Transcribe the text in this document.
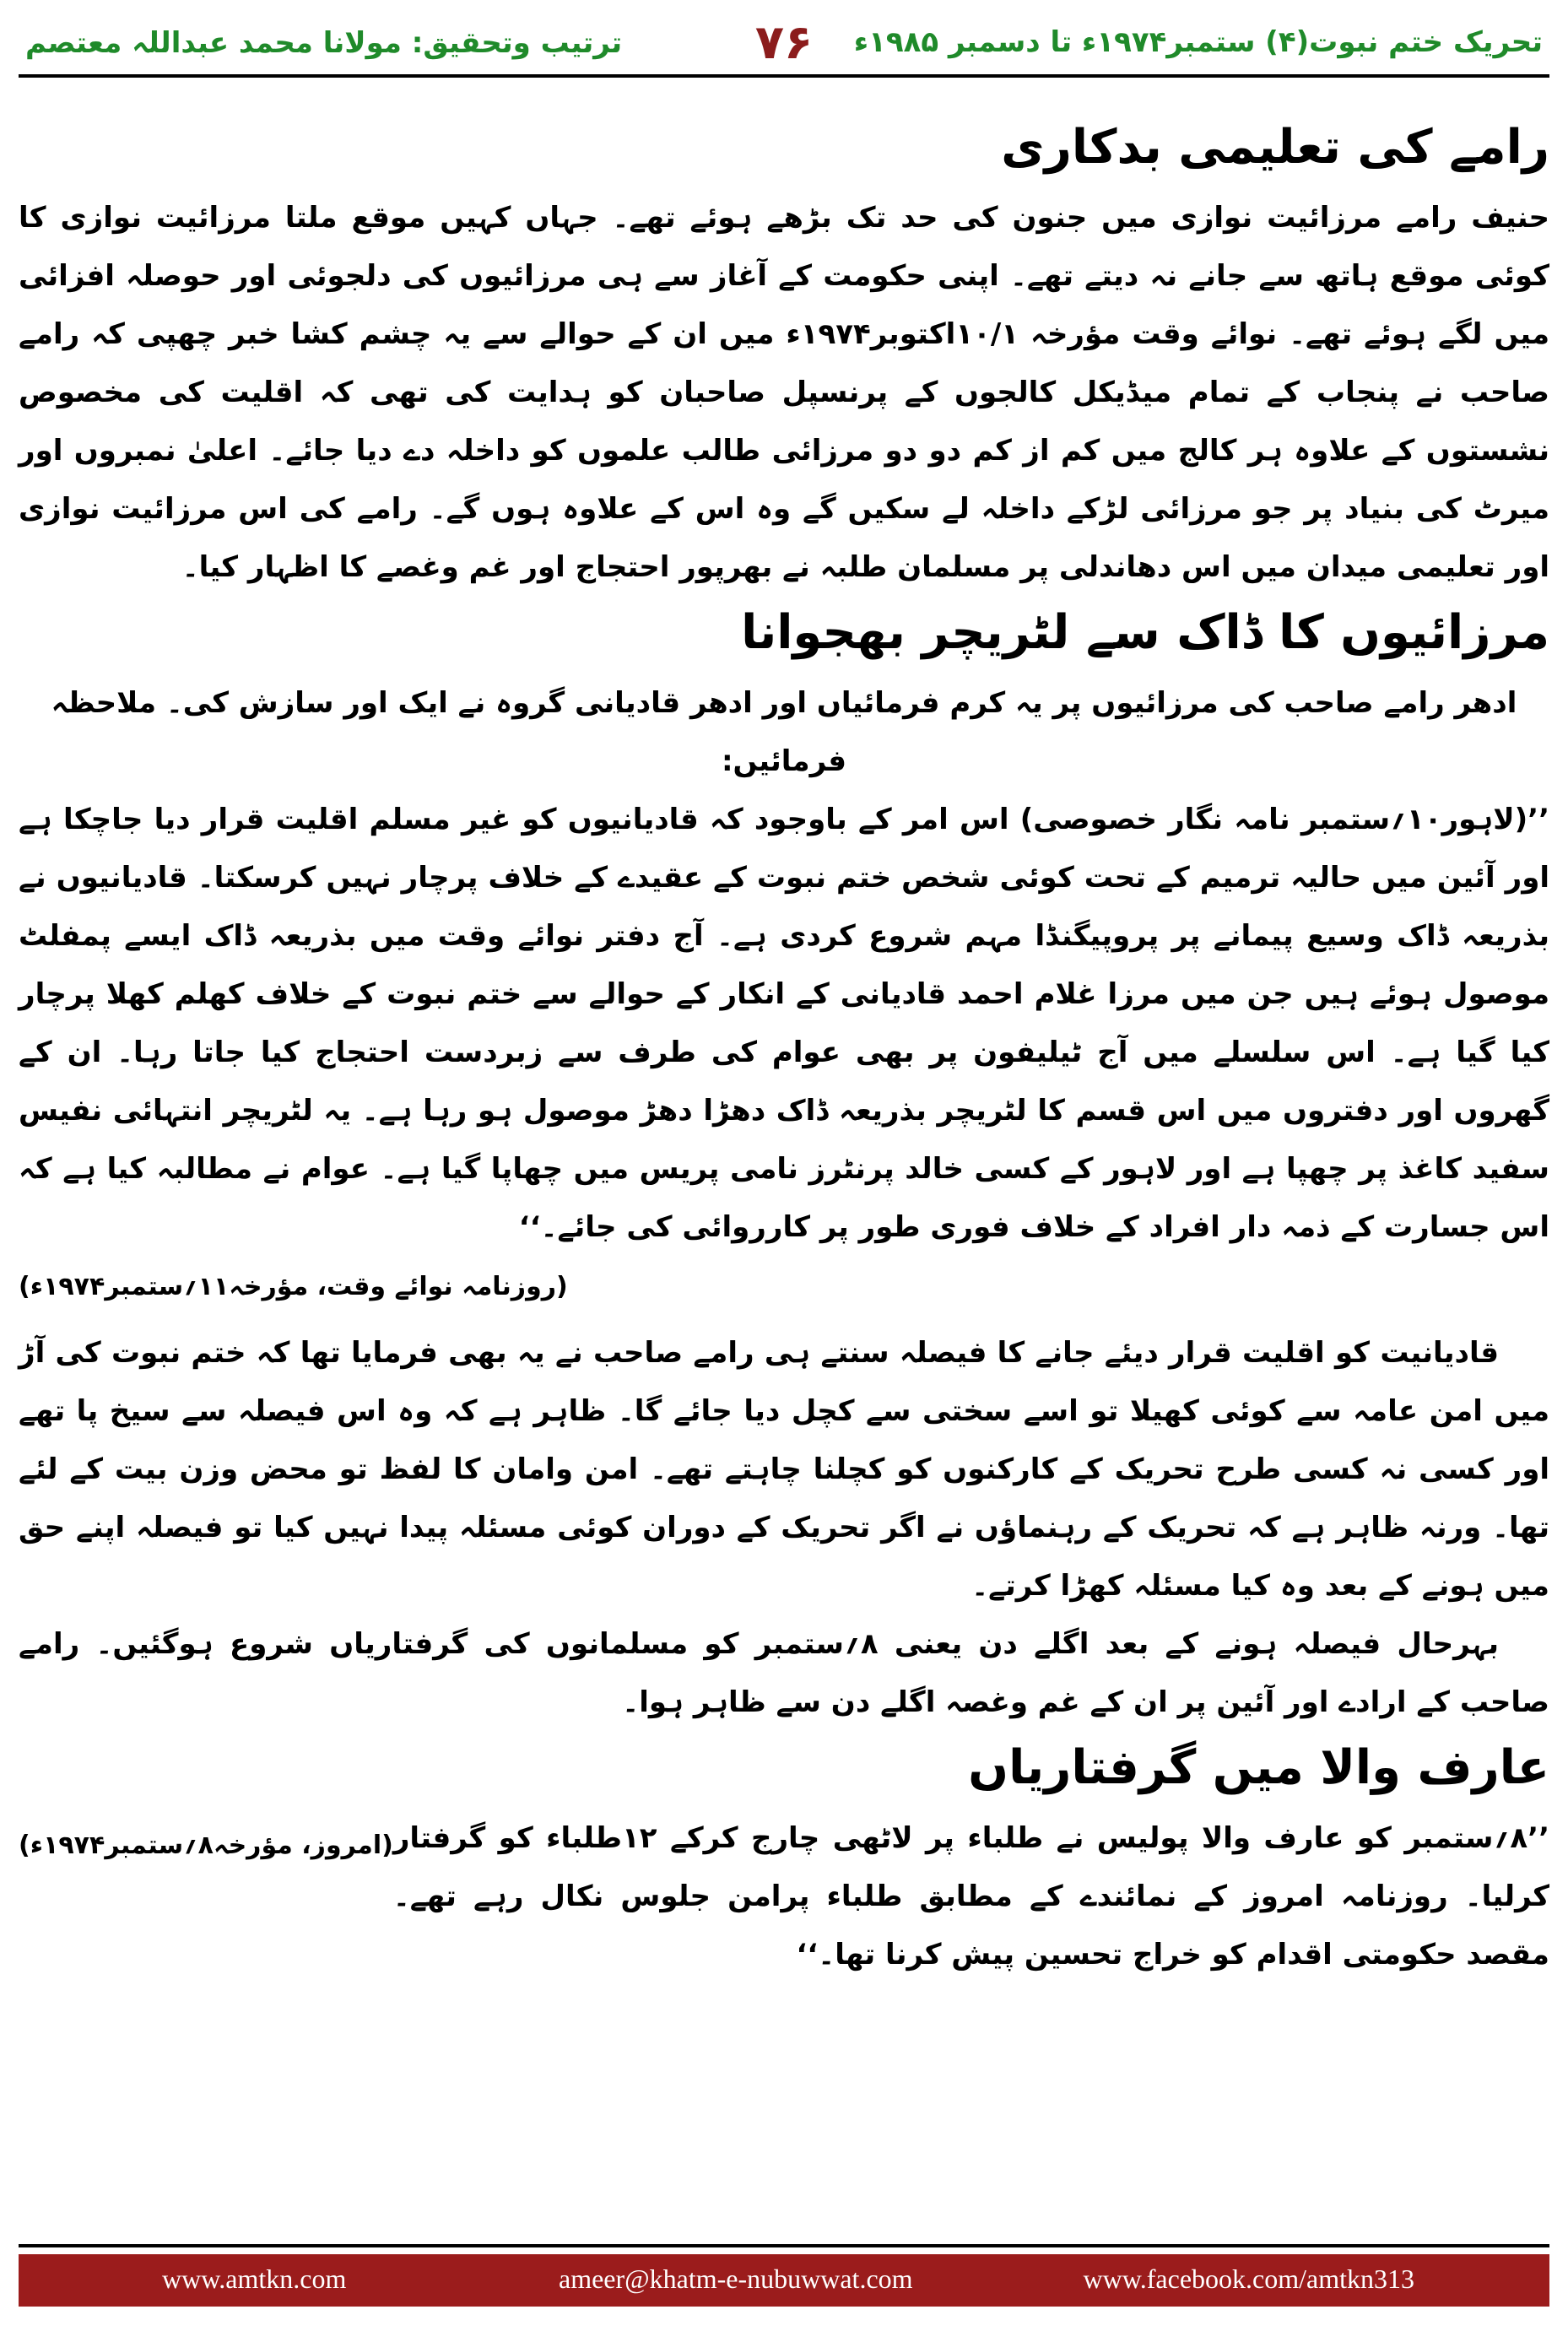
تحریک ختم نبوت(۴) ستمبر۱۹۷۴ء تا دسمبر ۱۹۸۵ء
۷۶
ترتیب وتحقیق: مولانا محمد عبداللہ معتصم
رامے کی تعلیمی بدکاری

حنیف رامے مرزائیت نوازی میں جنون کی حد تک بڑھے ہوئے تھے۔ جہاں کہیں موقع ملتا مرزائیت نوازی کا کوئی موقع ہاتھ سے جانے نہ دیتے تھے۔ اپنی حکومت کے آغاز سے ہی مرزائیوں کی دلجوئی اور حوصلہ افزائی میں لگے ہوئے تھے۔ نوائے وقت مؤرخہ ۱۰/۱اکتوبر۱۹۷۴ء میں ان کے حوالے سے یہ چشم کشا خبر چھپی کہ رامے صاحب نے پنجاب کے تمام میڈیکل کالجوں کے پرنسپل صاحبان کو ہدایت کی تھی کہ اقلیت کی مخصوص نشستوں کے علاوہ ہر کالج میں کم از کم دو دو مرزائی طالب علموں کو داخلہ دے دیا جائے۔ اعلیٰ نمبروں اور میرٹ کی بنیاد پر جو مرزائی لڑکے داخلہ لے سکیں گے وہ اس کے علاوہ ہوں گے۔ رامے کی اس مرزائیت نوازی اور تعلیمی میدان میں اس دھاندلی پر مسلمان طلبہ نے بھرپور احتجاج اور غم وغصے کا اظہار کیا۔

مرزائیوں کا ڈاک سے لٹریچر بھجوانا

ادھر رامے صاحب کی مرزائیوں پر یہ کرم فرمائیاں اور ادھر قادیانی گروہ نے ایک اور سازش کی۔ ملاحظہ فرمائیں:

’’(لاہور۱۰؍ستمبر نامہ نگار خصوصی) اس امر کے باوجود کہ قادیانیوں کو غیر مسلم اقلیت قرار دیا جاچکا ہے اور آئین میں حالیہ ترمیم کے تحت کوئی شخص ختم نبوت کے عقیدے کے خلاف پرچار نہیں کرسکتا۔ قادیانیوں نے بذریعہ ڈاک وسیع پیمانے پر پروپیگنڈا مہم شروع کردی ہے۔ آج دفتر نوائے وقت میں بذریعہ ڈاک ایسے پمفلٹ موصول ہوئے ہیں جن میں مرزا غلام احمد قادیانی کے انکار کے حوالے سے ختم نبوت کے خلاف کھلم کھلا پرچار کیا گیا ہے۔ اس سلسلے میں آج ٹیلیفون پر بھی عوام کی طرف سے زبردست احتجاج کیا جاتا رہا۔ ان کے گھروں اور دفتروں میں اس قسم کا لٹریچر بذریعہ ڈاک دھڑا دھڑ موصول ہو رہا ہے۔ یہ لٹریچر انتہائی نفیس سفید کاغذ پر چھپا ہے اور لاہور کے کسی خالد پرنٹرز نامی پریس میں چھاپا گیا ہے۔ عوام نے مطالبہ کیا ہے کہ اس جسارت کے ذمہ دار افراد کے خلاف فوری طور پر کارروائی کی جائے۔‘‘

(روزنامہ نوائے وقت، مؤرخہ۱۱؍ستمبر۱۹۷۴ء)

قادیانیت کو اقلیت قرار دیئے جانے کا فیصلہ سنتے ہی رامے صاحب نے یہ بھی فرمایا تھا کہ ختم نبوت کی آڑ میں امن عامہ سے کوئی کھیلا تو اسے سختی سے کچل دیا جائے گا۔ ظاہر ہے کہ وہ اس فیصلہ سے سیخ پا تھے اور کسی نہ کسی طرح تحریک کے کارکنوں کو کچلنا چاہتے تھے۔ امن وامان کا لفظ تو محض وزن بیت کے لئے تھا۔ ورنہ ظاہر ہے کہ تحریک کے رہنماؤں نے اگر تحریک کے دوران کوئی مسئلہ پیدا نہیں کیا تو فیصلہ اپنے حق میں ہونے کے بعد وہ کیا مسئلہ کھڑا کرتے۔

بہرحال فیصلہ ہونے کے بعد اگلے دن یعنی ۸؍ستمبر کو مسلمانوں کی گرفتاریاں شروع ہوگئیں۔ رامے صاحب کے ارادے اور آئین پر ان کے غم وغصہ اگلے دن سے ظاہر ہوا۔

عارف والا میں گرفتاریاں

(امروز، مؤرخہ۸؍ستمبر۱۹۷۴ء) ’’۸؍ستمبر کو عارف والا پولیس نے طلباء پر لاٹھی چارج کرکے ۱۲طلباء کو گرفتار کرلیا۔ روزنامہ امروز کے نمائندے کے مطابق طلباء پرامن جلوس نکال رہے تھے۔ مقصد حکومتی اقدام کو خراج تحسین پیش کرنا تھا۔‘‘

www.amtkn.com	ameer@khatm-e-nubuwwat.com	www.facebook.com/amtkn313
